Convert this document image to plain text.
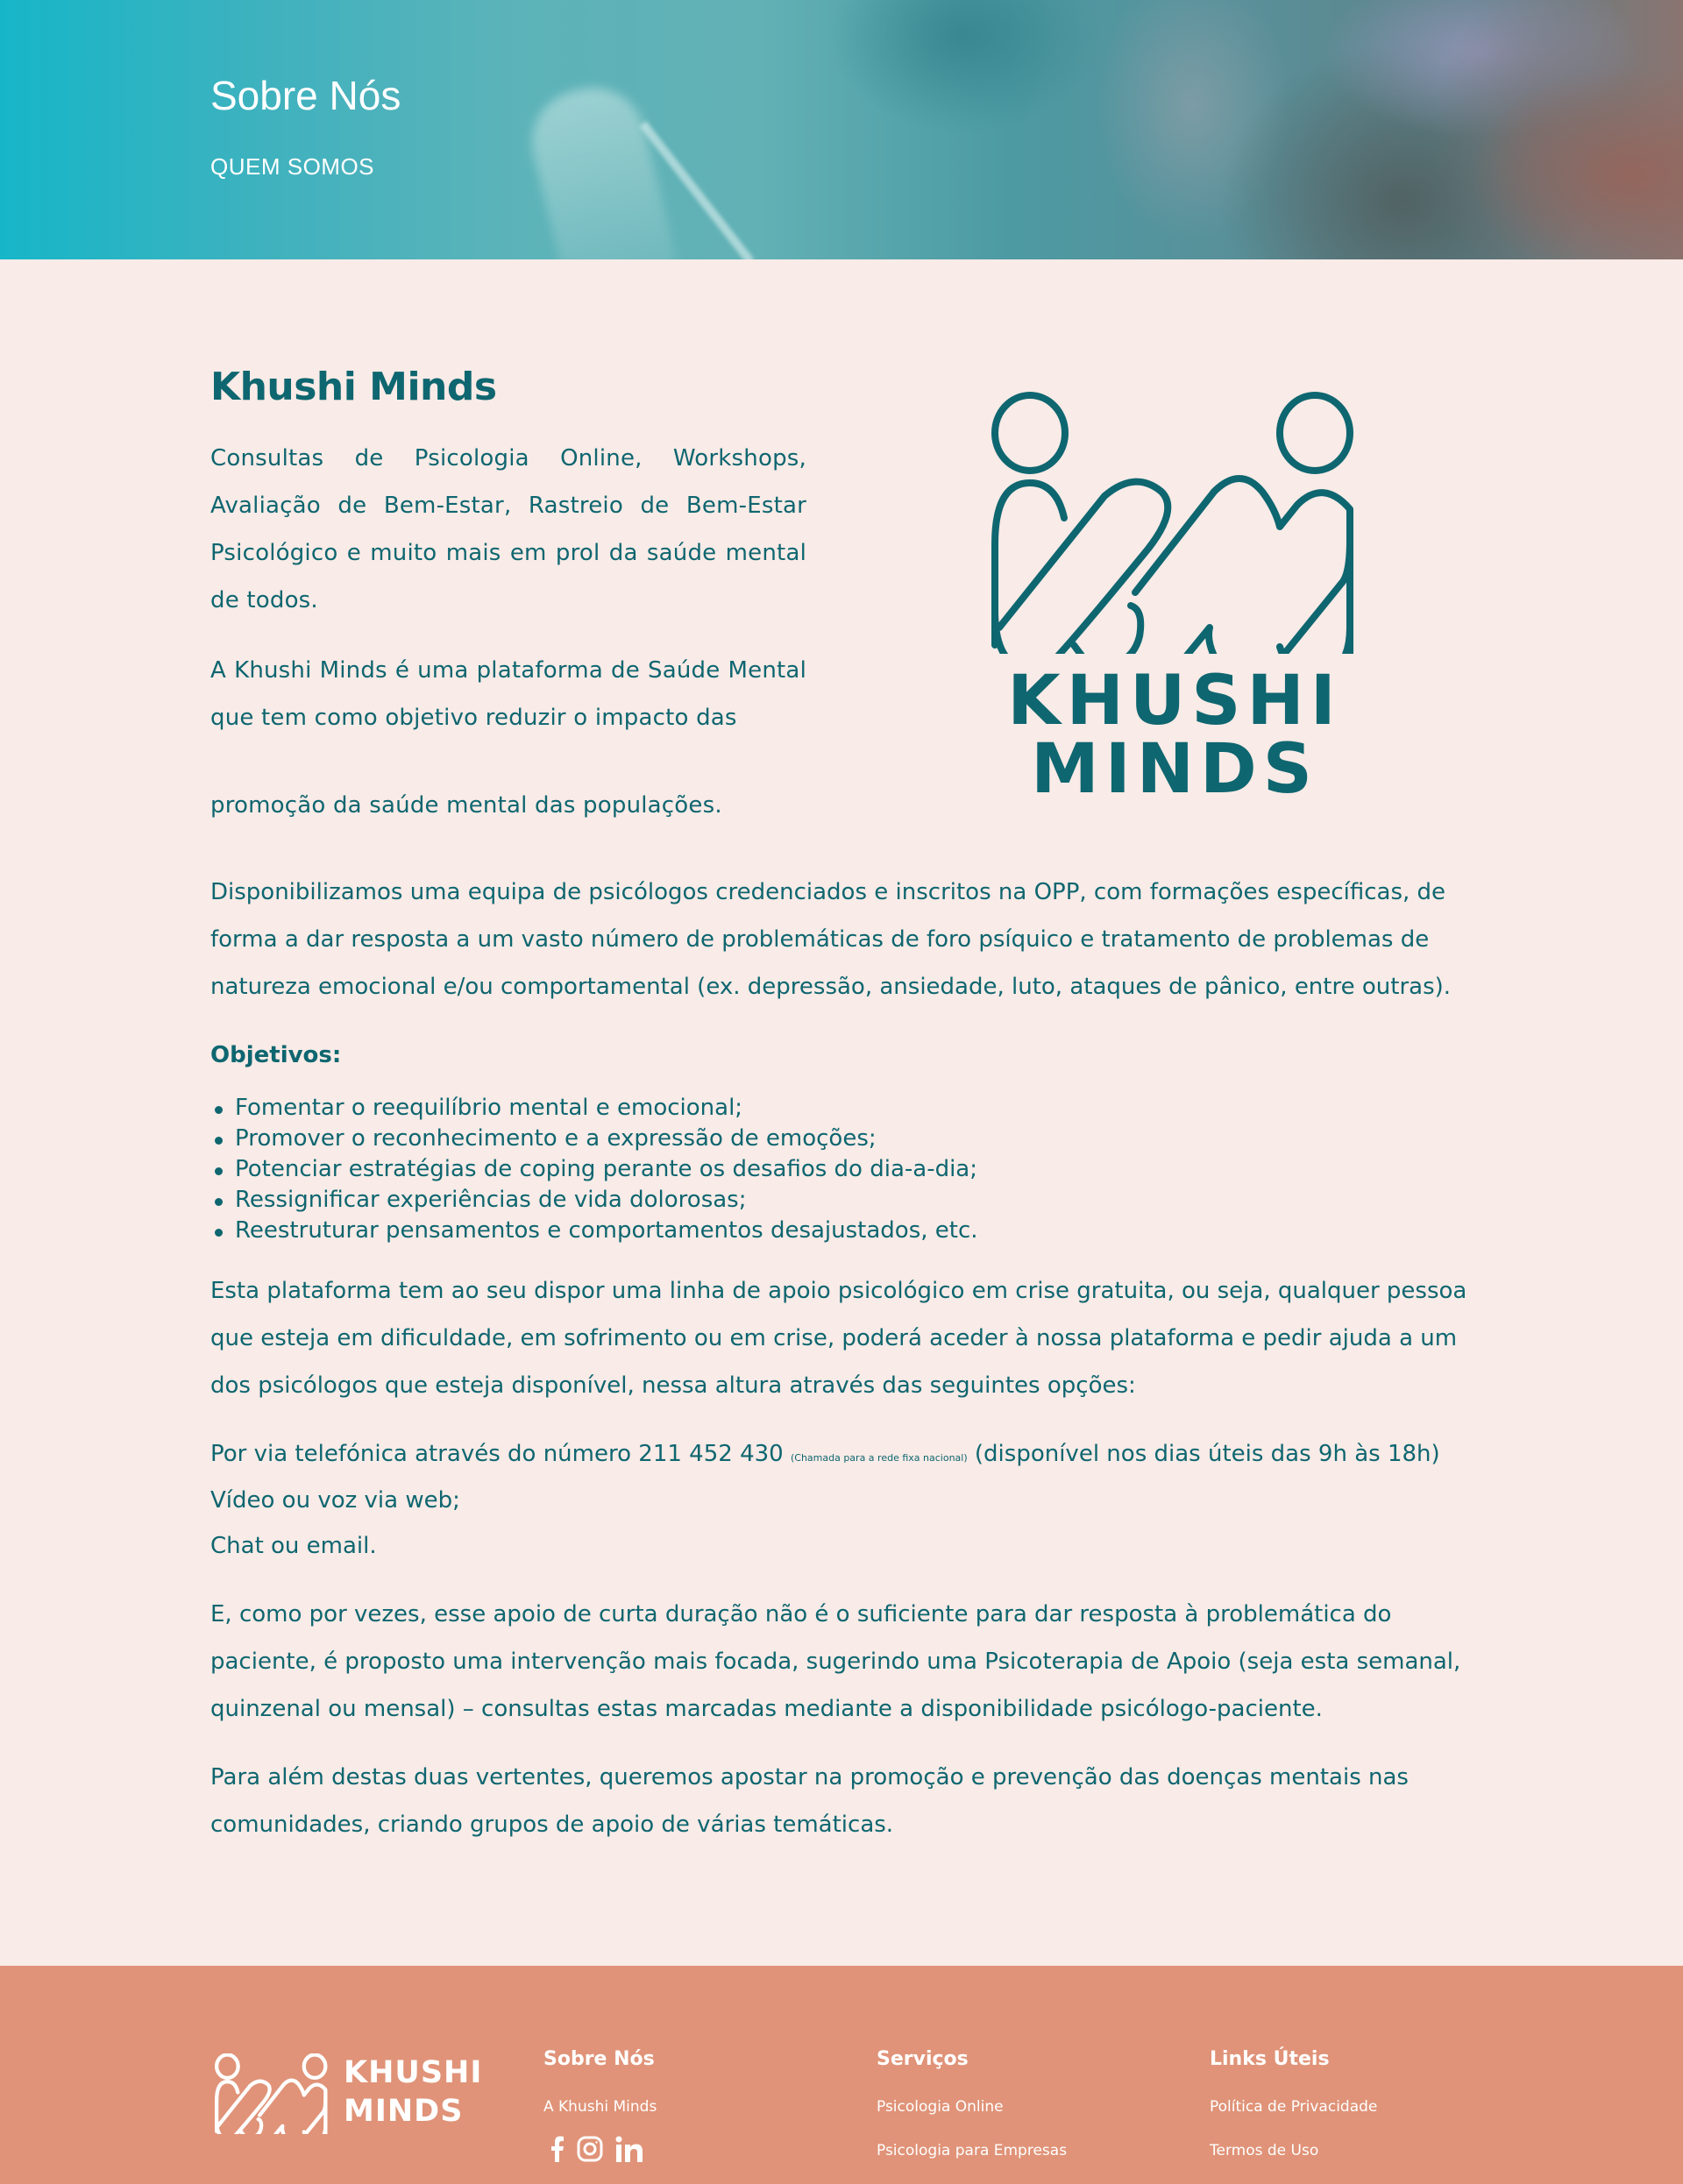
Sobre Nós
QUEM SOMOS
Khushi Minds

Consultas de Psicologia Online, Workshops, Avaliação de Bem-Estar, Rastreio de Bem-Estar Psicológico e muito mais em prol da saúde mental de todos.

A Khushi Minds é uma plataforma de Saúde Mental que tem como objetivo reduzir o impacto das

promoção da saúde mental das populações.

KHUSHI MINDS

Disponibilizamos uma equipa de psicólogos credenciados e inscritos na OPP, com formações específicas, de forma a dar resposta a um vasto número de problemáticas de foro psíquico e tratamento de problemas de natureza emocional e/ou comportamental (ex. depressão, ansiedade, luto, ataques de pânico, entre outras).

Objetivos:
Fomentar o reequilíbrio mental e emocional;
Promover o reconhecimento e a expressão de emoções;
Potenciar estratégias de coping perante os desafios do dia-a-dia;
Ressignificar experiências de vida dolorosas;
Reestruturar pensamentos e comportamentos desajustados, etc.

Esta plataforma tem ao seu dispor uma linha de apoio psicológico em crise gratuita, ou seja, qualquer pessoa que esteja em dificuldade, em sofrimento ou em crise, poderá aceder à nossa plataforma e pedir ajuda a um dos psicólogos que esteja disponível, nessa altura através das seguintes opções:

Por via telefónica através do número 211 452 430 (Chamada para a rede fixa nacional) (disponível nos dias úteis das 9h às 18h)

Vídeo ou voz via web;

Chat ou email.

E, como por vezes, esse apoio de curta duração não é o suficiente para dar resposta à problemática do paciente, é proposto uma intervenção mais focada, sugerindo uma Psicoterapia de Apoio (seja esta semanal, quinzenal ou mensal) – consultas estas marcadas mediante a disponibilidade psicólogo-paciente.

Para além destas duas vertentes, queremos apostar na promoção e prevenção das doenças mentais nas comunidades, criando grupos de apoio de várias temáticas.

KHUSHI
MINDS
Sobre Nós
A Khushi Minds
Serviços
Psicologia Online
Psicologia para Empresas
Links Úteis
Política de Privacidade
Termos de Uso
